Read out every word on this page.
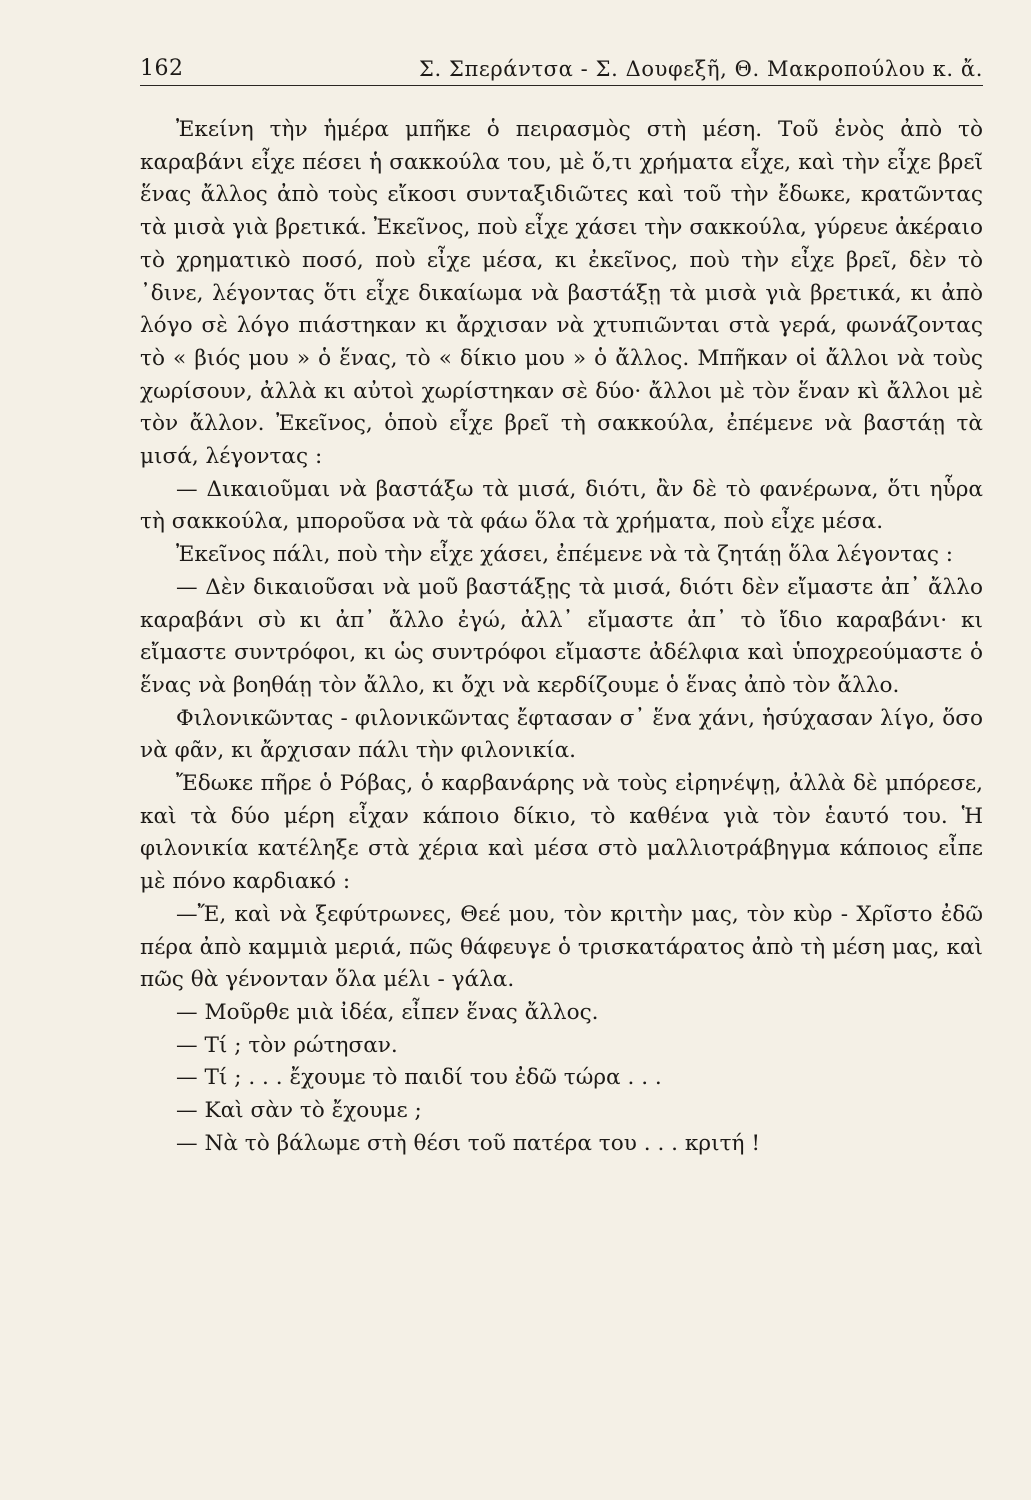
162	Σ. Σπεράντσα - Σ. Δουφεξῆ, Θ. Μακροπούλου κ. ἄ.

Ἐκείνη τὴν ἡμέρα μπῆκε ὁ πειρασμὸς στὴ μέση. Τοῦ ἑνὸς ἀπὸ τὸ καραβάνι εἶχε πέσει ἡ σακκούλα του, μὲ ὅ,τι χρήματα εἶχε, καὶ τὴν εἶχε βρεῖ ἕνας ἄλλος ἀπὸ τοὺς εἴκοσι συνταξιδιῶτες καὶ τοῦ τὴν ἔδωκε, κρατῶντας τὰ μισὰ γιὰ βρετικά. Ἐκεῖνος, ποὺ εἶχε χάσει τὴν σακκούλα, γύρευε ἀκέραιο τὸ χρηματικὸ ποσό, ποὺ εἶχε μέσα, κι ἐκεῖνος, ποὺ τὴν εἶχε βρεῖ, δὲν τὸ ᾿δινε, λέγοντας ὅτι εἶχε δικαίωμα νὰ βαστάξῃ τὰ μισὰ γιὰ βρετικά, κι ἀπὸ λόγο σὲ λόγο πιάστηκαν κι ἄρχισαν νὰ χτυπιῶνται στὰ γερά, φωνάζοντας τὸ « βιός μου » ὁ ἕνας, τὸ « δίκιο μου » ὁ ἄλλος. Μπῆκαν οἱ ἄλλοι νὰ τοὺς χωρίσουν, ἀλλὰ κι αὐτοὶ χωρίστηκαν σὲ δύο· ἄλλοι μὲ τὸν ἕναν κὶ ἄλλοι μὲ τὸν ἄλλον. Ἐκεῖνος, ὁποὺ εἶχε βρεῖ τὴ σακκούλα, ἐπέμενε νὰ βαστάῃ τὰ μισά, λέγοντας :

— Δικαιοῦμαι νὰ βαστάξω τὰ μισά, διότι, ἂν δὲ τὸ φανέρωνα, ὅτι ηὗρα τὴ σακκούλα, μποροῦσα νὰ τὰ φάω ὅλα τὰ χρήματα, ποὺ εἶχε μέσα.

Ἐκεῖνος πάλι, ποὺ τὴν εἶχε χάσει, ἐπέμενε νὰ τὰ ζητάῃ ὅλα λέγοντας :

— Δὲν δικαιοῦσαι νὰ μοῦ βαστάξῃς τὰ μισά, διότι δὲν εἴμαστε ἀπ᾿ ἄλλο καραβάνι σὺ κι ἀπ᾿ ἄλλο ἐγώ, ἀλλ᾿ εἴμαστε ἀπ᾿ τὸ ἴδιο καραβάνι· κι εἴμαστε συντρόφοι, κι ὡς συντρόφοι εἴμαστε ἀδέλφια καὶ ὑποχρεούμαστε ὁ ἕνας νὰ βοηθάῃ τὸν ἄλλο, κι ὄχι νὰ κερδίζουμε ὁ ἕνας ἀπὸ τὸν ἄλλο.

Φιλονικῶντας - φιλονικῶντας ἔφτασαν σ᾿ ἕνα χάνι, ἡσύχασαν λίγο, ὅσο νὰ φᾶν, κι ἄρχισαν πάλι τὴν φιλονικία.

Ἔδωκε πῆρε ὁ Ρόβας, ὁ καρβανάρης νὰ τοὺς εἰρηνέψῃ, ἀλλὰ δὲ μπόρεσε, καὶ τὰ δύο μέρη εἶχαν κάποιο δίκιο, τὸ καθένα γιὰ τὸν ἑαυτό του. Ἡ φιλονικία κατέληξε στὰ χέρια καὶ μέσα στὸ μαλλιοτράβηγμα κάποιος εἶπε μὲ πόνο καρδιακό :

—Ἔ, καὶ νὰ ξεφύτρωνες, Θεέ μου, τὸν κριτὴν μας, τὸν κὺρ - Χρῖστο ἐδῶ πέρα ἀπὸ καμμιὰ μεριά, πῶς θάφευγε ὁ τρισκατάρατος ἀπὸ τὴ μέση μας, καὶ πῶς θὰ γένονταν ὅλα μέλι - γάλα.

— Μοῦρθε μιὰ ἰδέα, εἶπεν ἕνας ἄλλος.

— Τί ; τὸν ρώτησαν.

— Τί ; . . . ἔχουμε τὸ παιδί του ἐδῶ τώρα . . .

— Καὶ σὰν τὸ ἔχουμε ;

— Νὰ τὸ βάλωμε στὴ θέσι τοῦ πατέρα του . . . κριτή !
